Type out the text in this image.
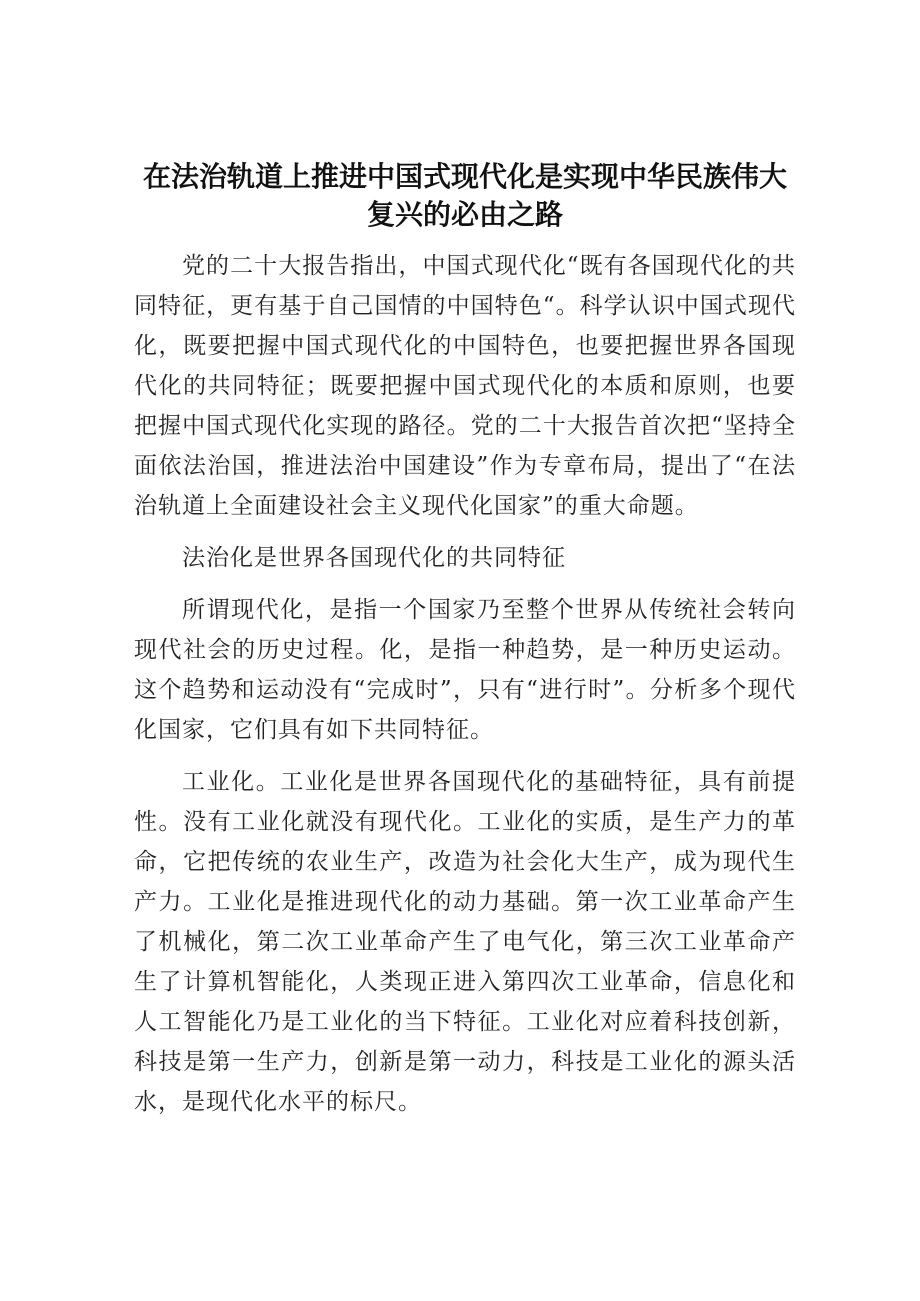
在法治轨道上推进中国式现代化是实现中华民族伟大复兴的必由之路

党的二十大报告指出，中国式现代化“既有各国现代化的共同特征，更有基于自己国情的中国特色“。科学认识中国式现代化，既要把握中国式现代化的中国特色，也要把握世界各国现代化的共同特征；既要把握中国式现代化的本质和原则，也要把握中国式现代化实现的路径。党的二十大报告首次把“坚持全面依法治国，推进法治中国建设”作为专章布局，提出了“在法治轨道上全面建设社会主义现代化国家”的重大命题。

法治化是世界各国现代化的共同特征

所谓现代化，是指一个国家乃至整个世界从传统社会转向现代社会的历史过程。化，是指一种趋势，是一种历史运动。这个趋势和运动没有“完成时”，只有“进行时”。分析多个现代化国家，它们具有如下共同特征。

工业化。工业化是世界各国现代化的基础特征，具有前提性。没有工业化就没有现代化。工业化的实质，是生产力的革命，它把传统的农业生产，改造为社会化大生产，成为现代生产力。工业化是推进现代化的动力基础。第一次工业革命产生了机械化，第二次工业革命产生了电气化，第三次工业革命产生了计算机智能化，人类现正进入第四次工业革命，信息化和人工智能化乃是工业化的当下特征。工业化对应着科技创新，科技是第一生产力，创新是第一动力，科技是工业化的源头活水，是现代化水平的标尺。
